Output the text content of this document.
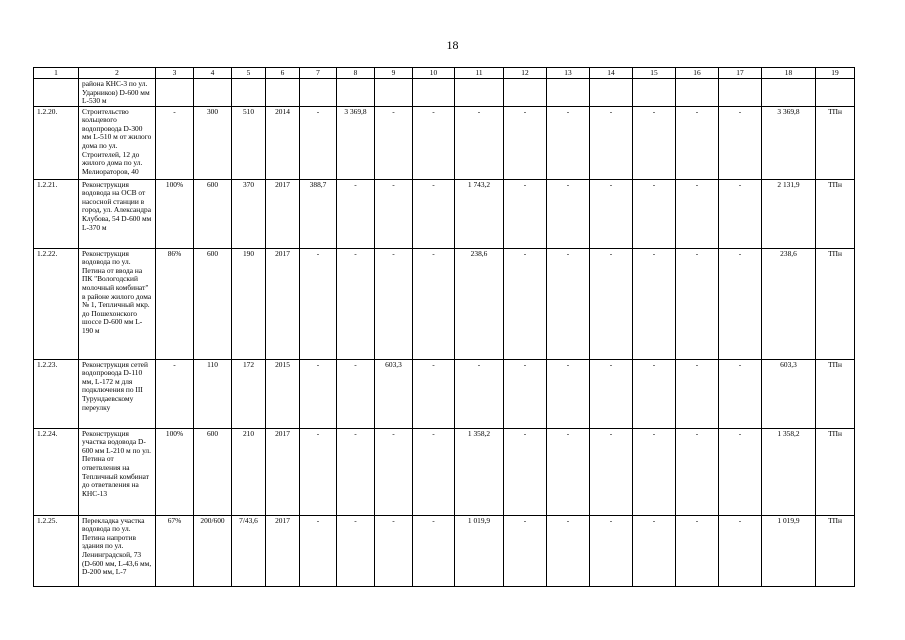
18
1	2	3	4	5	6	7	8	9	10	11	12	13	14	15	16	17	18	19
	района КНС-3 по ул. Ударников) D-600 мм L-530 м																	
1.2.20.	Строительство кольцевого водопровода D-300 мм L-510 м от жилого дома по ул. Строителей, 12 до жилого дома по ул. Мелиораторов, 40	-	300	510	2014	-	3 369,8	-	-	-	-	-	-	-	-	-	3 369,8	ТПн
1.2.21.	Реконструкция водовода на ОСВ от насосной станции в город, ул. Александра Клубова, 54 D-600 мм L-370 м	100%	600	370	2017	388,7	-	-	-	1 743,2	-	-	-	-	-	-	2 131,9	ТПн
1.2.22.	Реконструкция водовода по ул. Петина от ввода на ПК "Вологодский молочный комбинат" в районе жилого дома № 1, Тепличный мкр. до Пошехонского шоссе D-600 мм L-190 м	86%	600	190	2017	-	-	-	-	238,6	-	-	-	-	-	-	238,6	ТПн
1.2.23.	Реконструкция сетей водопровода D-110 мм, L-172 м для подключения по III Турундаевскому переулку	-	110	172	2015	-	-	603,3	-	-	-	-	-	-	-	-	603,3	ТПн
1.2.24.	Реконструкция участка водовода D-600 мм L-210 м по ул. Петина от ответвления на Тепличный комбинат до ответвления на КНС-13	100%	600	210	2017	-	-	-	-	1 358,2	-	-	-	-	-	-	1 358,2	ТПн
1.2.25.	Перекладка участка водовода по ул. Петина напротив здания по ул. Ленинградской, 73 (D-600 мм, L-43,6 мм, D-200 мм, L-7	67%	200/600	7/43,6	2017	-	-	-	-	1 019,9	-	-	-	-	-	-	1 019,9	ТПн
